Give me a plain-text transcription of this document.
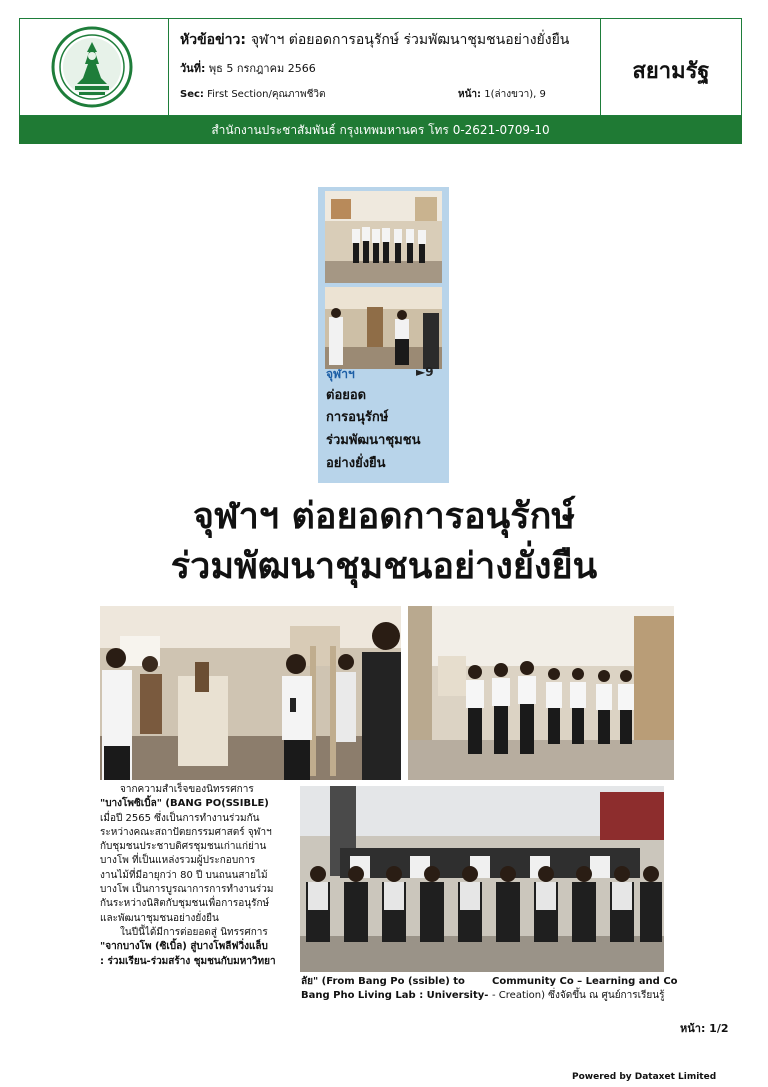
หัวข้อข่าว: จุฬาฯ ต่อยอดการอนุรักษ์ ร่วมพัฒนาชุมชนอย่างยั่งยืน
วันที่: พุธ 5 กรกฎาคม 2566
Sec: First Section/คุณภาพชีวิต	หน้า: 1(ล่างขวา), 9
สยามรัฐ
สำนักงานประชาสัมพันธ์ กรุงเทพมหานคร โทร 0-2621-0709-10
จุฬาฯ	►9
ต่อยอด
การอนุรักษ์
ร่วมพัฒนาชุมชน
อย่างยั่งยืน
จุฬาฯ ต่อยอดการอนุรักษ์
ร่วมพัฒนาชุมชนอย่างยั่งยืน
จากความสำเร็จของนิทรรศการ
"บางโพซิเบิ้ล" (BANG PO(SSIBLE)
เมื่อปี 2565 ซึ่งเป็นการทำงานร่วมกัน
ระหว่างคณะสถาปัตยกรรมศาสตร์ จุฬาฯ
กับชุมชนประชาบดิศรชุมชนเก่าแก่ย่าน
บางโพ ที่เป็นแหล่งรวมผู้ประกอบการ
งานไม้ที่มีอายุกว่า 80 ปี บนถนนสายไม้
บางโพ เป็นการบูรณาการการทำงานร่วม
กันระหว่างนิสิตกับชุมชนเพื่อการอนุรักษ์
และพัฒนาชุมชนอย่างยั่งยืน
ในปีนี้ได้มีการต่อยอดสู่ นิทรรศการ
"จากบางโพ (ซิเบิ้ล) สู่บางโพลีฟวิ่งแล็บ
: ร่วมเรียน-ร่วมสร้าง ชุมชนกับมหาวิทยา
ลัย" (From Bang Po (ssible) to
Bang Pho Living Lab : University-
Community Co – Learning and Co
- Creation) ซึ่งจัดขึ้น ณ ศูนย์การเรียนรู้
หน้า: 1/2
Powered by Dataxet Limited
